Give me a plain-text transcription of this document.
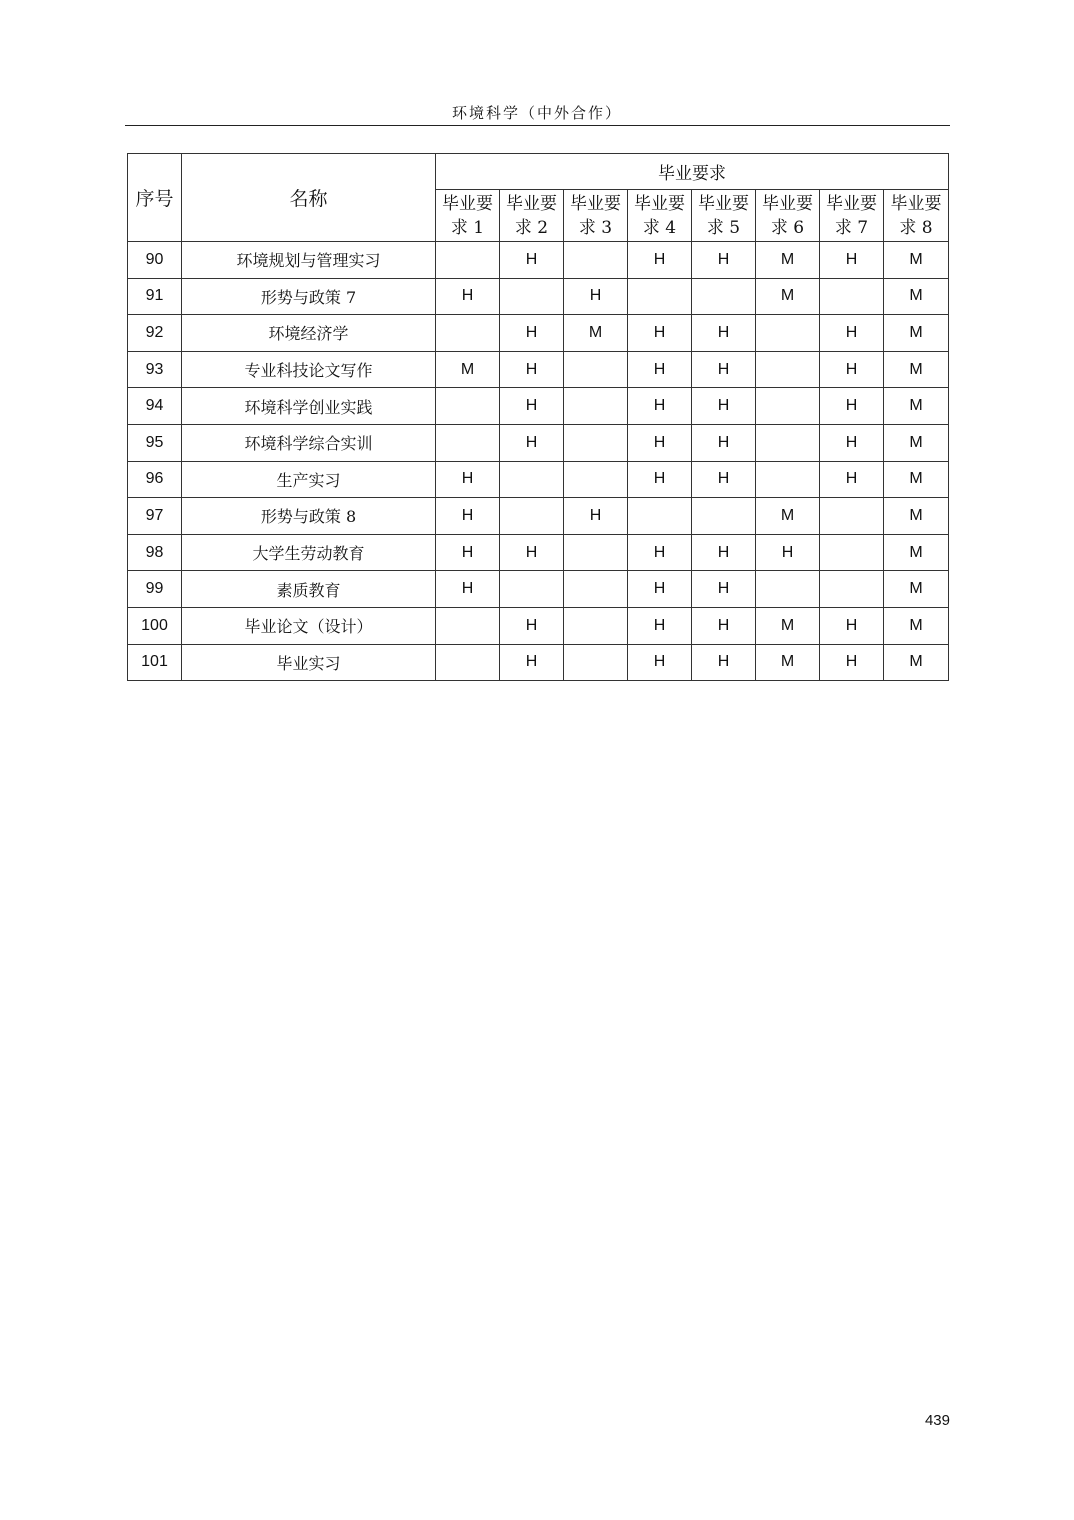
环境科学（中外合作）
序号	名称	毕业要求							
		毕业要求 1	毕业要求 2	毕业要求 3	毕业要求 4	毕业要求 5	毕业要求 6	毕业要求 7	毕业要求 8
90	环境规划与管理实习		H		H	H	M	H	M
91	形势与政策 7	H		H			M		M
92	环境经济学		H	M	H	H		H	M
93	专业科技论文写作	M	H		H	H		H	M
94	环境科学创业实践		H		H	H		H	M
95	环境科学综合实训		H		H	H		H	M
96	生产实习	H			H	H		H	M
97	形势与政策 8	H		H			M		M
98	大学生劳动教育	H	H		H	H	H		M
99	素质教育	H			H	H			M
100	毕业论文（设计）		H		H	H	M	H	M
101	毕业实习		H		H	H	M	H	M
439
